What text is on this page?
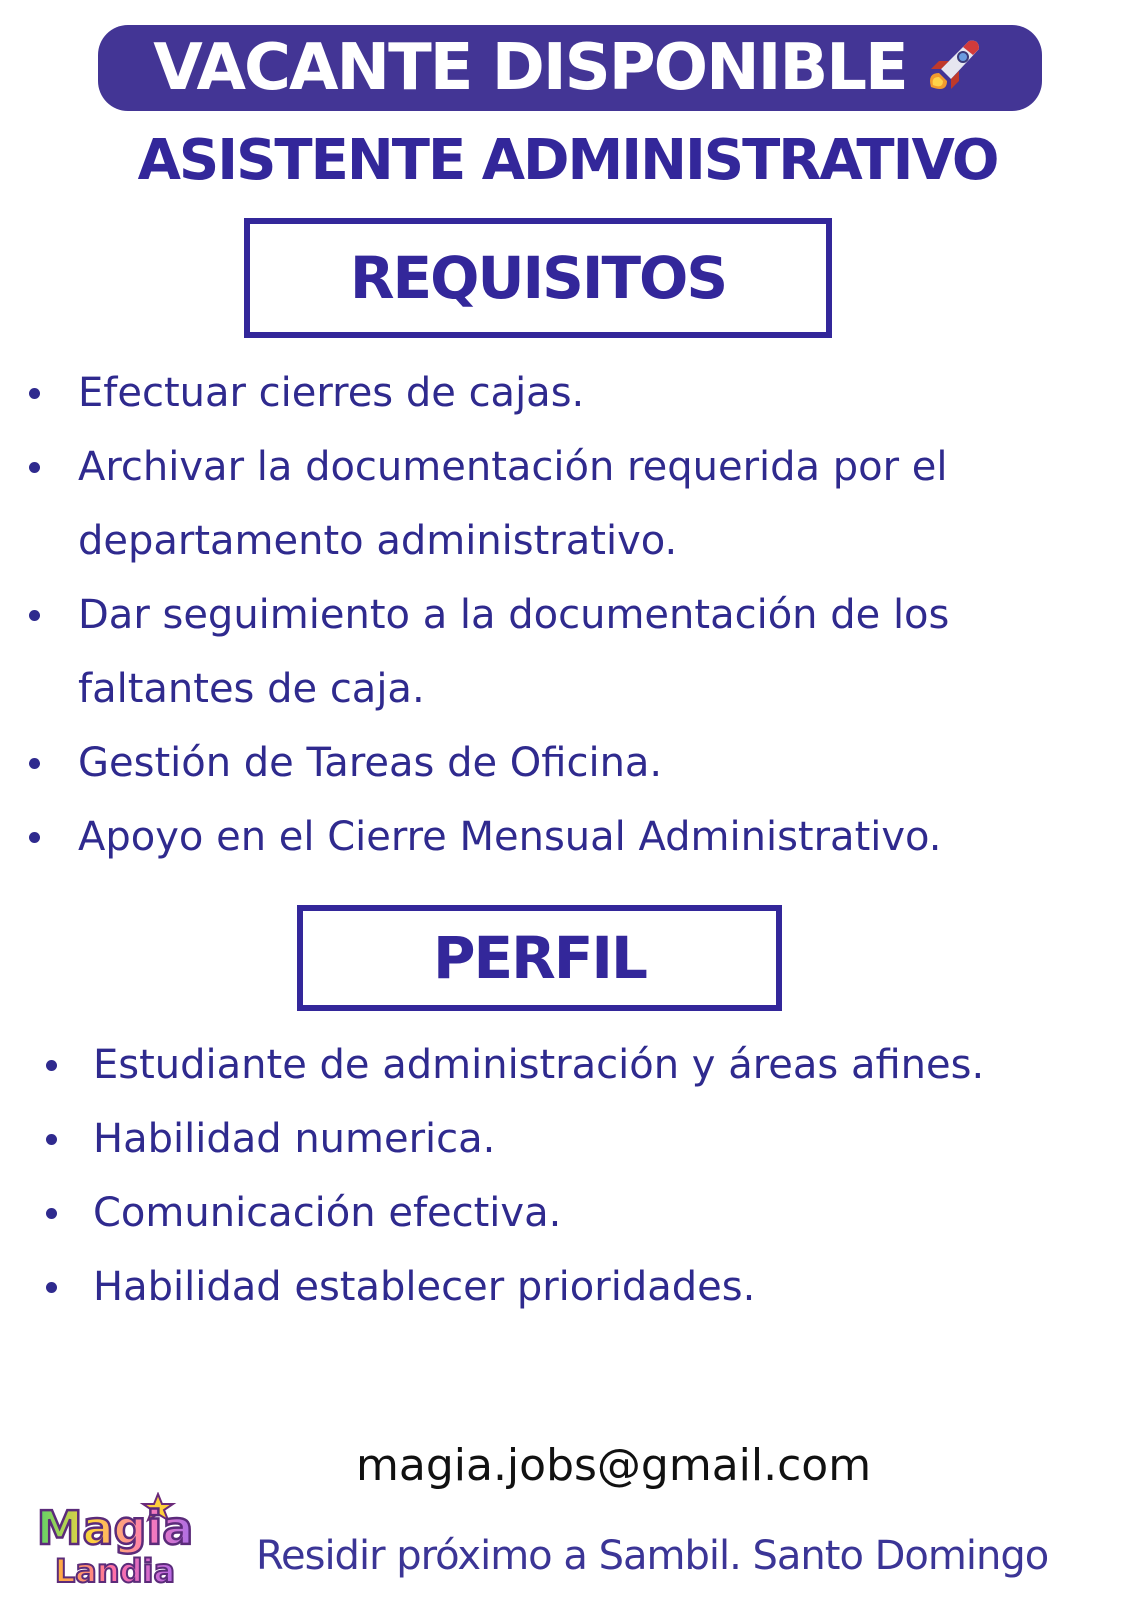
VACANTE DISPONIBLE
ASISTENTE ADMINISTRATIVO
REQUISITOS
Efectuar cierres de cajas.
Archivar la documentación requerida por el departamento administrativo.
Dar seguimiento a la documentación de los faltantes de caja.
Gestión de Tareas de Oficina.
Apoyo en el Cierre Mensual Administrativo.
PERFIL
Estudiante de administración y áreas afines.
Habilidad numerica.
Comunicación efectiva.
Habilidad establecer prioridades.
magia.jobs@gmail.com
Residir próximo a Sambil. Santo Domingo
Magia
Landia
